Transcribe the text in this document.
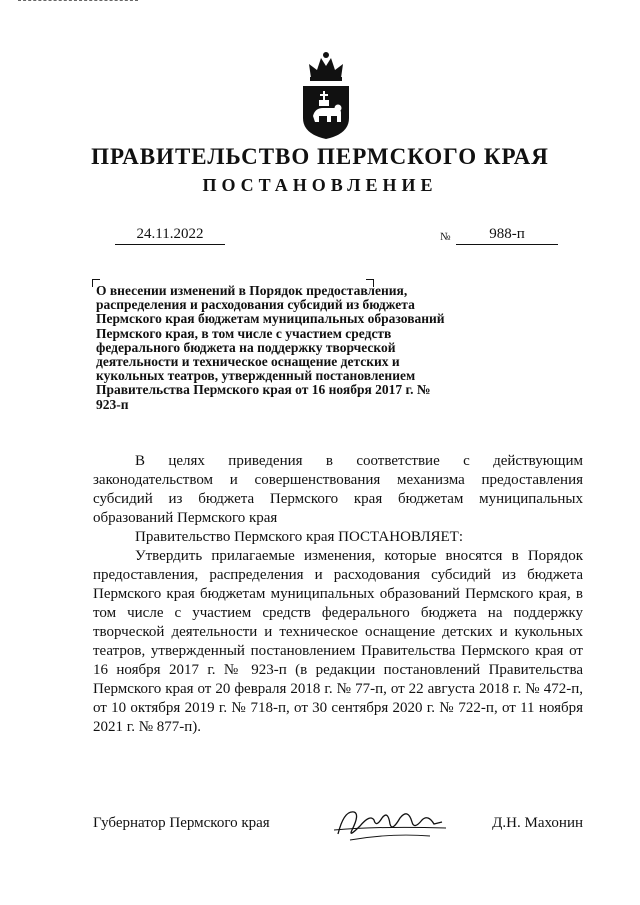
ПРАВИТЕЛЬСТВО ПЕРМСКОГО КРАЯ
ПОСТАНОВЛЕНИЕ
24.11.2022	№	988-п
О внесении изменений в Порядок предоставления, распределения и расходования субсидий из бюджета Пермского края бюджетам муниципальных образований Пермского края, в том числе с участием средств федерального бюджета на поддержку творческой деятельности и техническое оснащение детских и кукольных театров, утвержденный постановлением Правительства Пермского края от 16 ноября 2017 г. № 923-п
В целях приведения в соответствие с действующим законодательством и совершенствования механизма предоставления субсидий из бюджета Пермского края бюджетам муниципальных образований Пермского края
Правительство Пермского края ПОСТАНОВЛЯЕТ:
Утвердить прилагаемые изменения, которые вносятся в Порядок предоставления, распределения и расходования субсидий из бюджета Пермского края бюджетам муниципальных образований Пермского края, в том числе с участием средств федерального бюджета на поддержку творческой деятельности и техническое оснащение детских и кукольных театров, утвержденный постановлением Правительства Пермского края от 16 ноября 2017 г. № 923-п (в редакции постановлений Правительства Пермского края от 20 февраля 2018 г. № 77-п, от 22 августа 2018 г. № 472-п, от 10 октября 2019 г. № 718-п, от 30 сентября 2020 г. № 722-п, от 11 ноября 2021 г. № 877-п).
Губернатор Пермского края	Д.Н. Махонин
